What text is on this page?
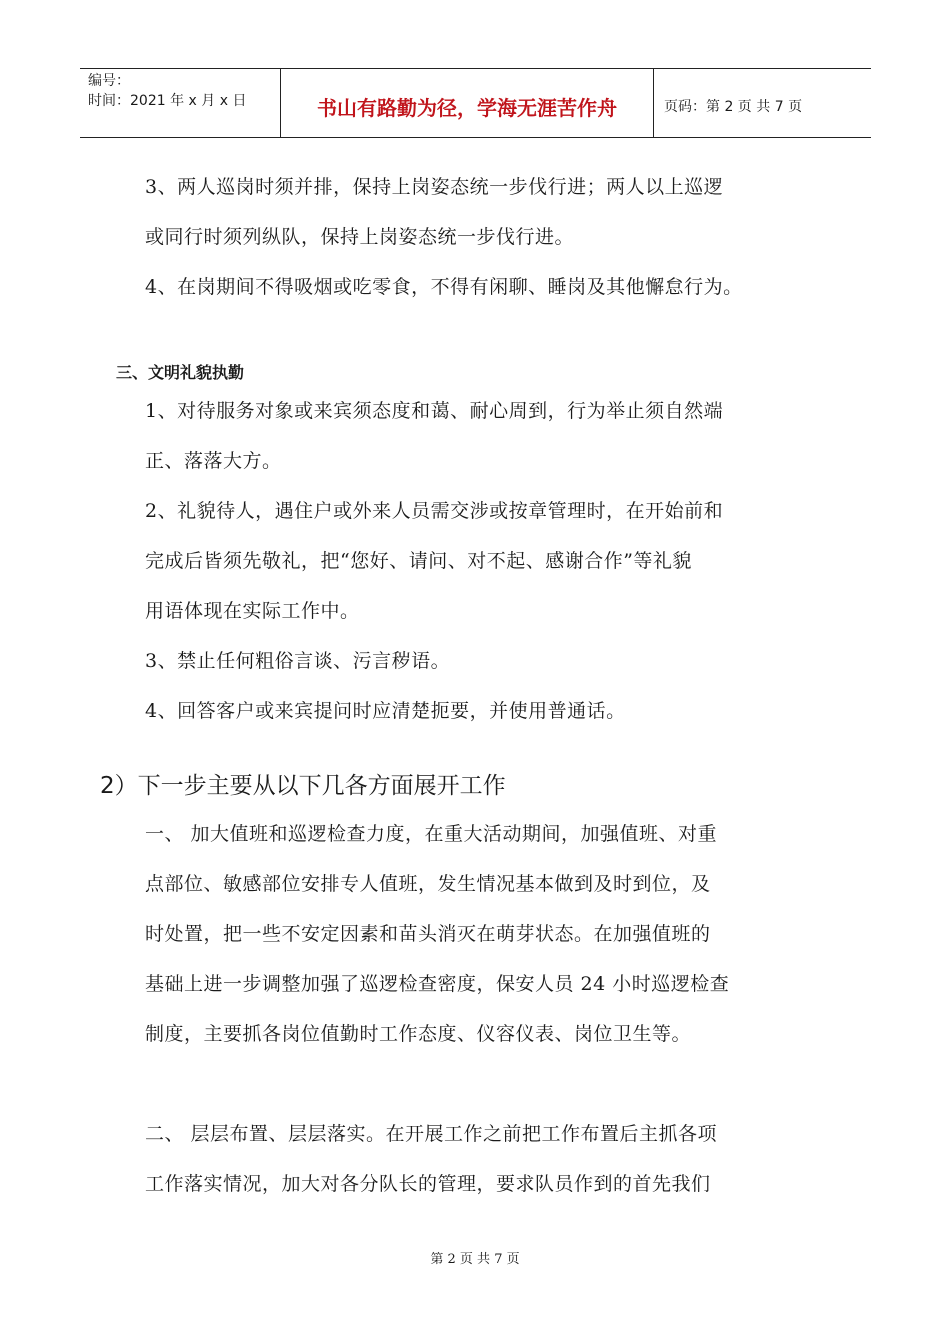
编号：
时间：2021 年 x 月 x 日	书山有路勤为径，学海无涯苦作舟	页码：第 2 页 共 7 页
3、两人巡岗时须并排，保持上岗姿态统一步伐行进；两人以上巡逻
或同行时须列纵队，保持上岗姿态统一步伐行进。
4、在岗期间不得吸烟或吃零食，不得有闲聊、睡岗及其他懈怠行为。
三、文明礼貌执勤
1、对待服务对象或来宾须态度和蔼、耐心周到，行为举止须自然端
正、落落大方。
2、礼貌待人，遇住户或外来人员需交涉或按章管理时，在开始前和
完成后皆须先敬礼，把“您好、请问、对不起、感谢合作”等礼貌
用语体现在实际工作中。
3、禁止任何粗俗言谈、污言秽语。
4、回答客户或来宾提问时应清楚扼要，并使用普通话。
2）下一步主要从以下几各方面展开工作
一、 加大值班和巡逻检查力度，在重大活动期间，加强值班、对重
点部位、敏感部位安排专人值班，发生情况基本做到及时到位，及
时处置，把一些不安定因素和苗头消灭在萌芽状态。在加强值班的
基础上进一步调整加强了巡逻检查密度，保安人员 24 小时巡逻检查
制度，主要抓各岗位值勤时工作态度、仪容仪表、岗位卫生等。
二、 层层布置、层层落实。在开展工作之前把工作布置后主抓各项
工作落实情况，加大对各分队长的管理，要求队员作到的首先我们
第 2 页 共 7 页
